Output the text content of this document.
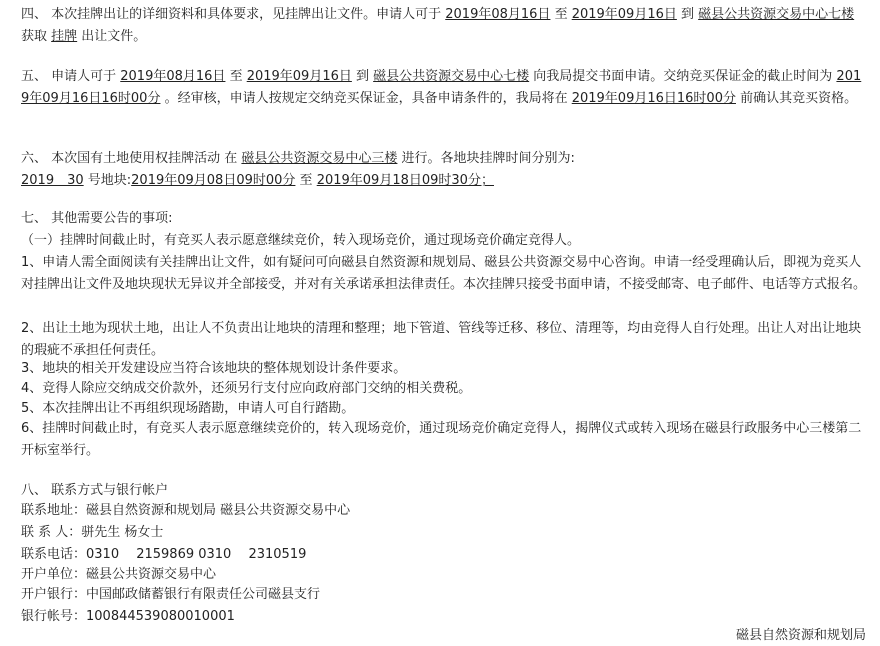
四、 本次挂牌出让的详细资料和具体要求，见挂牌出让文件。申请人可于 2019年08月16日 至 2019年09月16日 到 磁县公共资源交易中心七楼 获取 挂牌 出让文件。

五、 申请人可于 2019年08月16日 至 2019年09月16日 到 磁县公共资源交易中心七楼 向我局提交书面申请。交纳竞买保证金的截止时间为 2019年09月16日16时00分 。经审核，申请人按规定交纳竞买保证金，具备申请条件的，我局将在 2019年09月16日16时00分 前确认其竞买资格。

六、 本次国有土地使用权挂牌活动 在 磁县公共资源交易中心三楼 进行。各地块挂牌时间分别为:

2019　30 号地块:2019年09月08日09时00分 至 2019年09月18日09时30分；

七、 其他需要公告的事项:

（一）挂牌时间截止时，有竞买人表示愿意继续竞价，转入现场竞价，通过现场竞价确定竞得人。

1、申请人需全面阅读有关挂牌出让文件，如有疑问可向磁县自然资源和规划局、磁县公共资源交易中心咨询。申请一经受理确认后，即视为竞买人对挂牌出让文件及地块现状无异议并全部接受，并对有关承诺承担法律责任。本次挂牌只接受书面申请，不接受邮寄、电子邮件、电话等方式报名。

2、出让土地为现状土地，出让人不负责出让地块的清理和整理；地下管道、管线等迁移、移位、清理等，均由竞得人自行处理。出让人对出让地块的瑕疵不承担任何责任。

3、地块的相关开发建设应当符合该地块的整体规划设计条件要求。

4、竞得人除应交纳成交价款外，还须另行支付应向政府部门交纳的相关费税。

5、本次挂牌出让不再组织现场踏勘，申请人可自行踏勘。

6、挂牌时间截止时，有竞买人表示愿意继续竞价的，转入现场竞价，通过现场竞价确定竞得人，揭牌仪式或转入现场在磁县行政服务中心三楼第二开标室举行。

八、 联系方式与银行帐户

联系地址：磁县自然资源和规划局 磁县公共资源交易中心

联 系 人：骈先生 杨女士

联系电话：0310　 2159869 0310　 2310519

开户单位：磁县公共资源交易中心

开户银行：中国邮政储蓄银行有限责任公司磁县支行

银行帐号：100844539080010001

磁县自然资源和规划局
